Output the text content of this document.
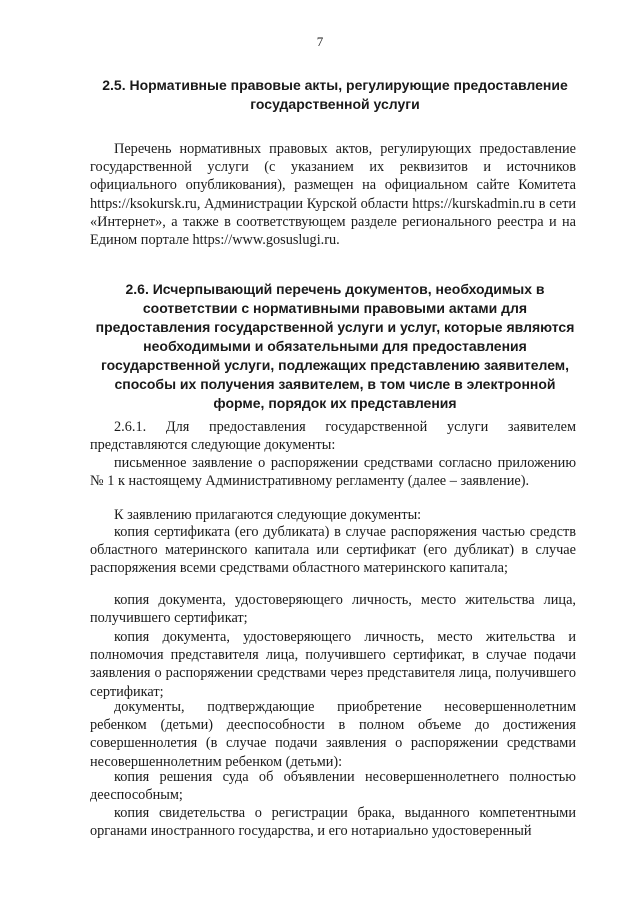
7
2.5. Нормативные правовые акты, регулирующие предоставление государственной услуги
Перечень нормативных правовых актов, регулирующих предоставление государственной услуги (с указанием их реквизитов и источников официального опубликования), размещен на официальном сайте Комитета https://ksokursk.ru, Администрации Курской области https://kurskadmin.ru в сети «Интернет», а также в соответствующем разделе регионального реестра и на Едином портале https://www.gosuslugi.ru.
2.6. Исчерпывающий перечень документов, необходимых в соответствии с нормативными правовыми актами для предоставления государственной услуги и услуг, которые являются необходимыми и обязательными для предоставления государственной услуги, подлежащих представлению заявителем, способы их получения заявителем, в том числе в электронной форме, порядок их представления
2.6.1. Для предоставления государственной услуги заявителем представляются следующие документы:
письменное заявление о распоряжении средствами согласно приложению № 1 к настоящему Административному регламенту (далее – заявление).
К заявлению прилагаются следующие документы:
копия сертификата (его дубликата) в случае распоряжения частью средств областного материнского капитала или сертификат (его дубликат) в случае распоряжения всеми средствами областного материнского капитала;
копия документа, удостоверяющего личность, место жительства лица, получившего сертификат;
копия документа, удостоверяющего личность, место жительства и полномочия представителя лица, получившего сертификат, в случае подачи заявления о распоряжении средствами через представителя лица, получившего сертификат;
документы, подтверждающие приобретение несовершеннолетним ребенком (детьми) дееспособности в полном объеме до достижения совершеннолетия (в случае подачи заявления о распоряжении средствами несовершеннолетним ребенком (детьми):
копия решения суда об объявлении несовершеннолетнего полностью дееспособным;
копия свидетельства о регистрации брака, выданного компетентными органами иностранного государства, и его нотариально удостоверенный
